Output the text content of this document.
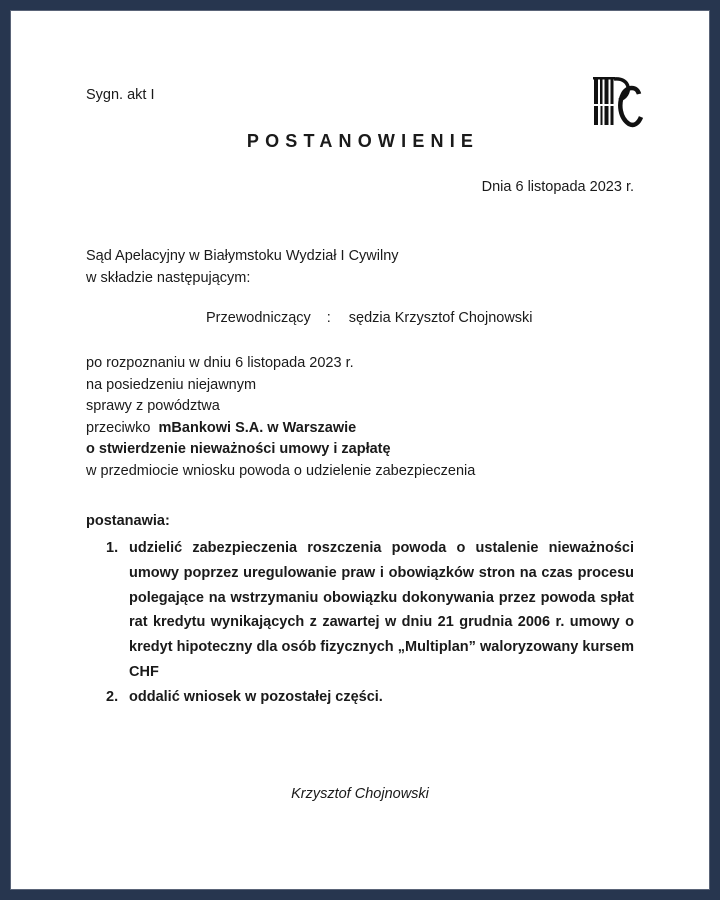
Sygn. akt I
POSTANOWIENIE
Dnia 6 listopada 2023 r.
Sąd Apelacyjny w Białymstoku Wydział I Cywilny
w składzie następującym:
Przewodniczący : sędzia Krzysztof Chojnowski
po rozpoznaniu w dniu 6 listopada 2023 r.
na posiedzeniu niejawnym
sprawy z powództwa
przeciwko mBankowi S.A. w Warszawie
o stwierdzenie nieważności umowy i zapłatę
w przedmiocie wniosku powoda o udzielenie zabezpieczenia
postanawia:
1. udzielić zabezpieczenia roszczenia powoda o ustalenie nieważności umowy poprzez uregulowanie praw i obowiązków stron na czas procesu polegające na wstrzymaniu obowiązku dokonywania przez powoda spłat rat kredytu wynikających z zawartej w dniu 21 grudnia 2006 r. umowy o kredyt hipoteczny dla osób fizycznych „Multiplan” waloryzowany kursem CHF
2. oddalić wniosek w pozostałej części.
Krzysztof Chojnowski
